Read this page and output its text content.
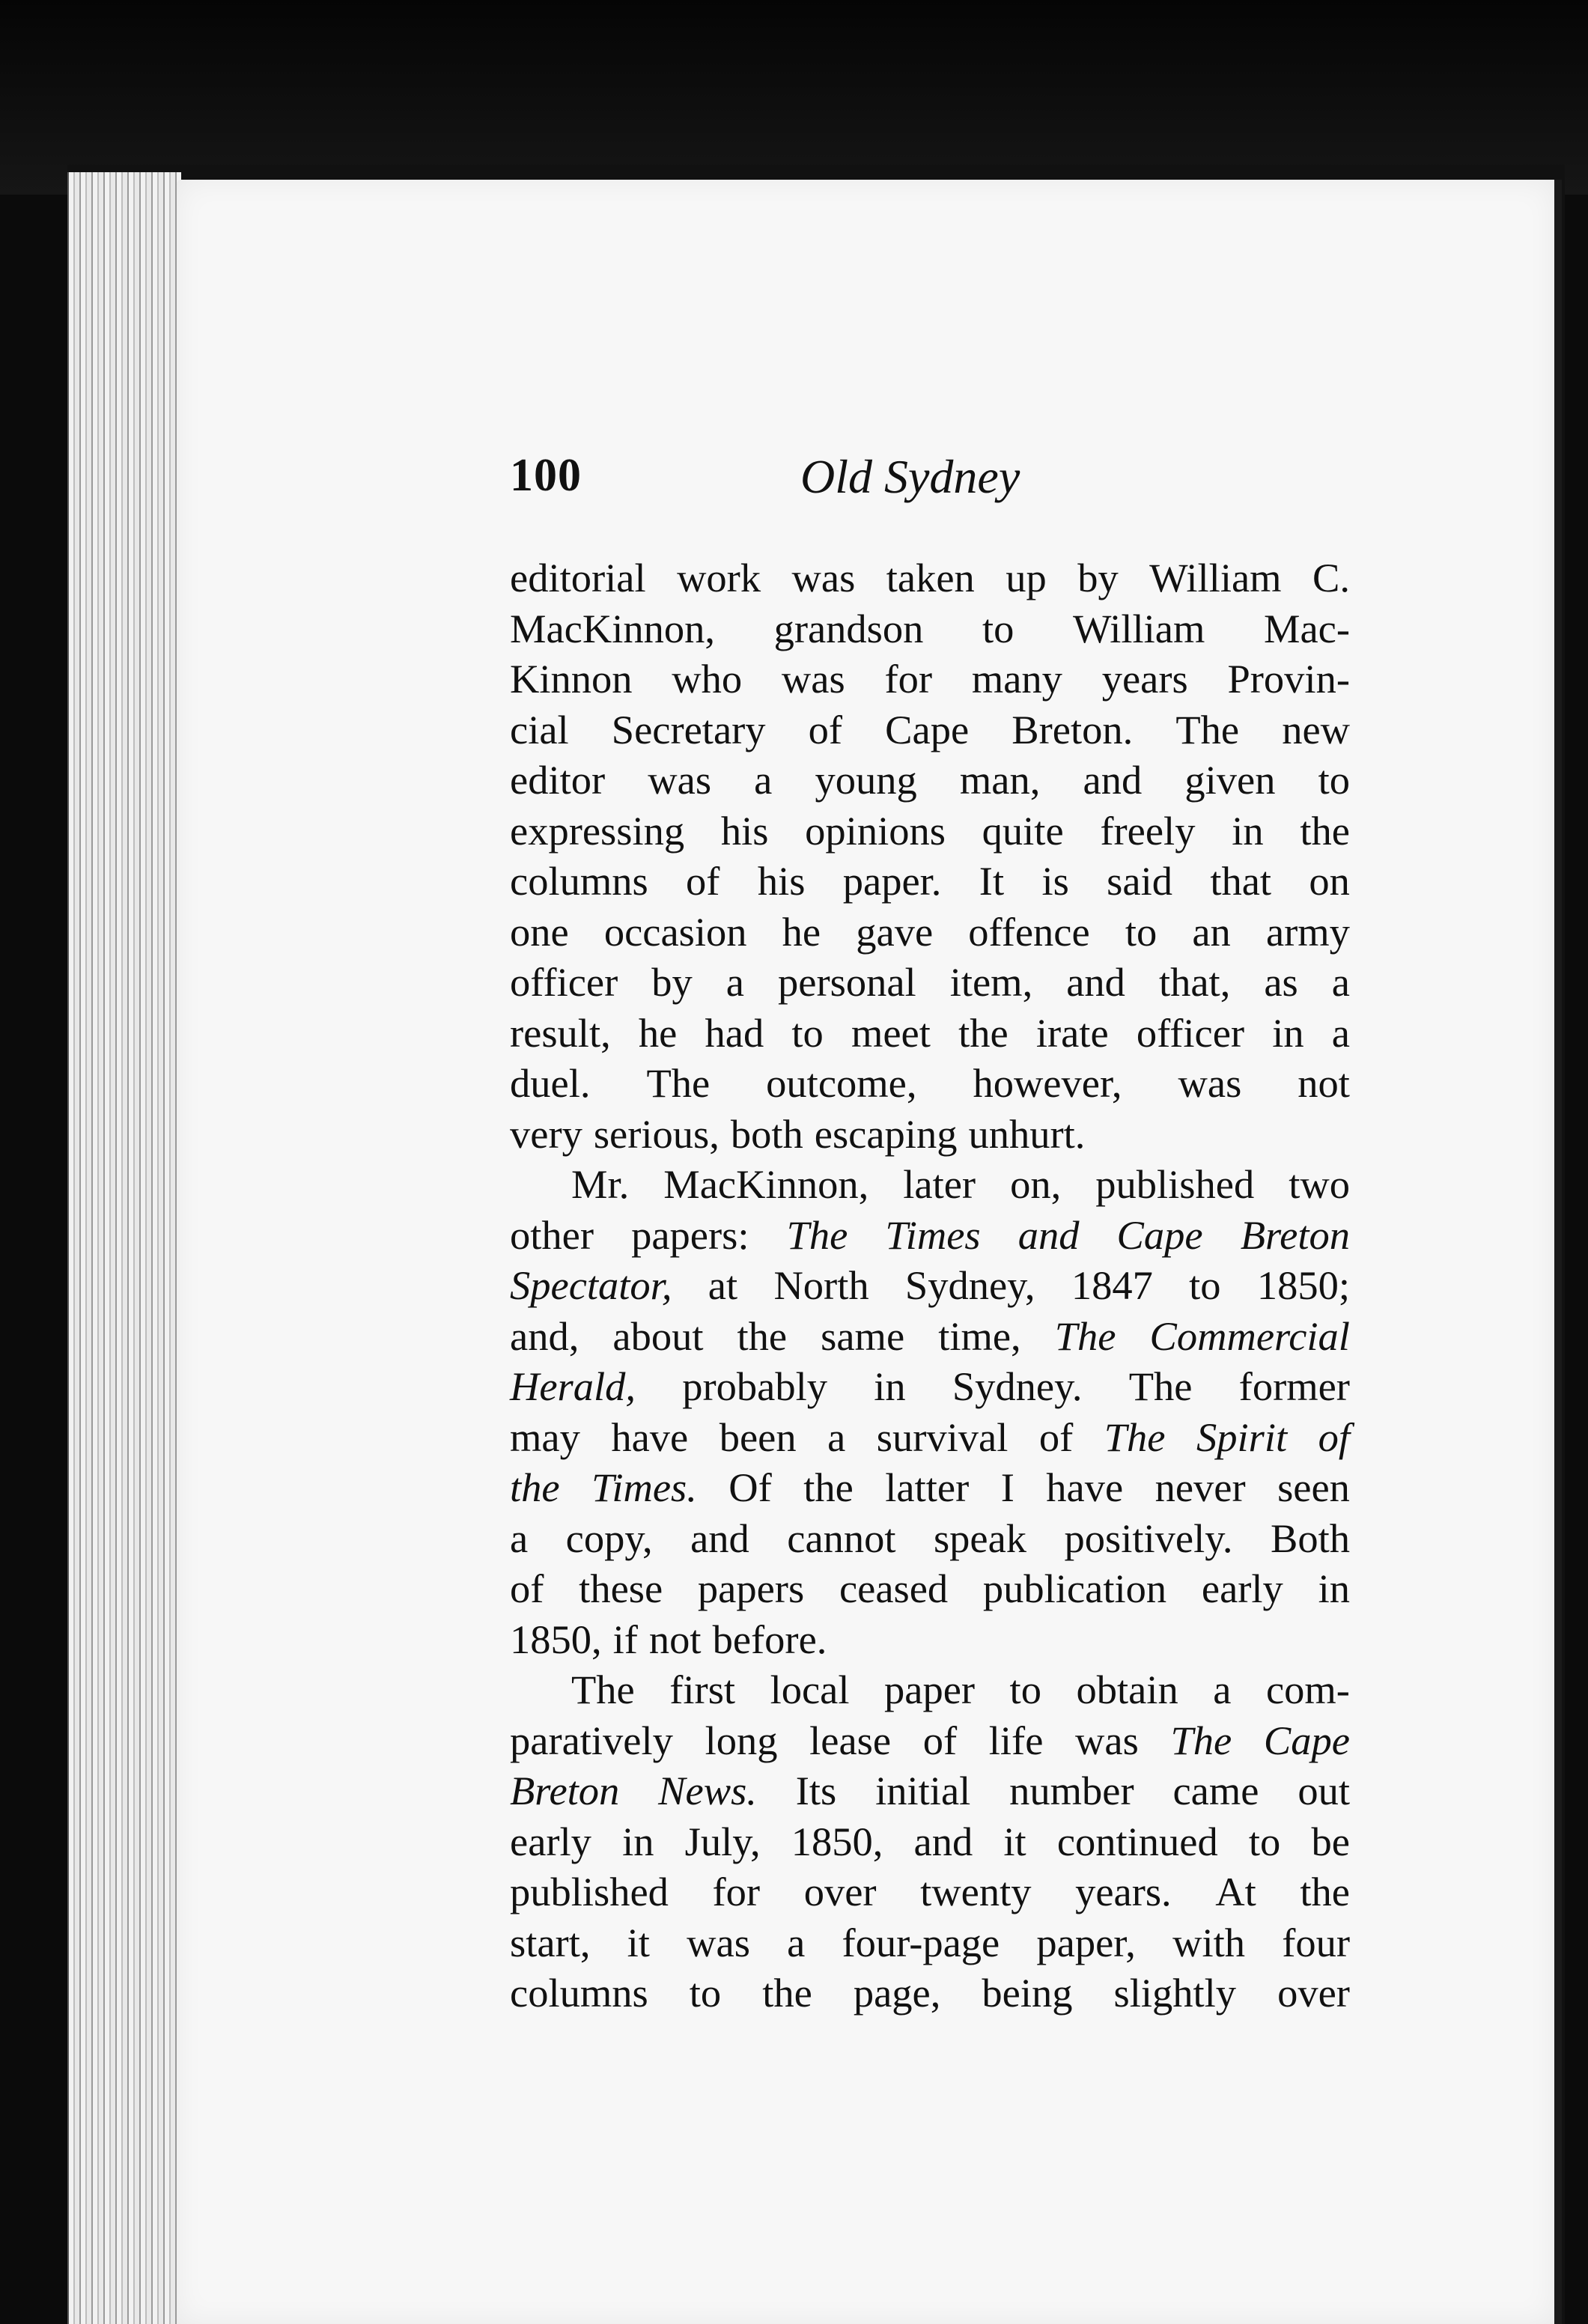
100	Old Sydney
editorial work was taken up by William C.
MacKinnon, grandson to William Mac-
Kinnon who was for many years Provin-
cial Secretary of Cape Breton. The new
editor was a young man, and given to
expressing his opinions quite freely in the
columns of his paper. It is said that on
one occasion he gave offence to an army
officer by a personal item, and that, as a
result, he had to meet the irate officer in a
duel. The outcome, however, was not
very serious, both escaping unhurt.
Mr. MacKinnon, later on, published two
other papers: The Times and Cape Breton
Spectator, at North Sydney, 1847 to 1850;
and, about the same time, The Commercial
Herald, probably in Sydney. The former
may have been a survival of The Spirit of
the Times. Of the latter I have never seen
a copy, and cannot speak positively. Both
of these papers ceased publication early in
1850, if not before.
The first local paper to obtain a com-
paratively long lease of life was The Cape
Breton News. Its initial number came out
early in July, 1850, and it continued to be
published for over twenty years. At the
start, it was a four-page paper, with four
columns to the page, being slightly over
